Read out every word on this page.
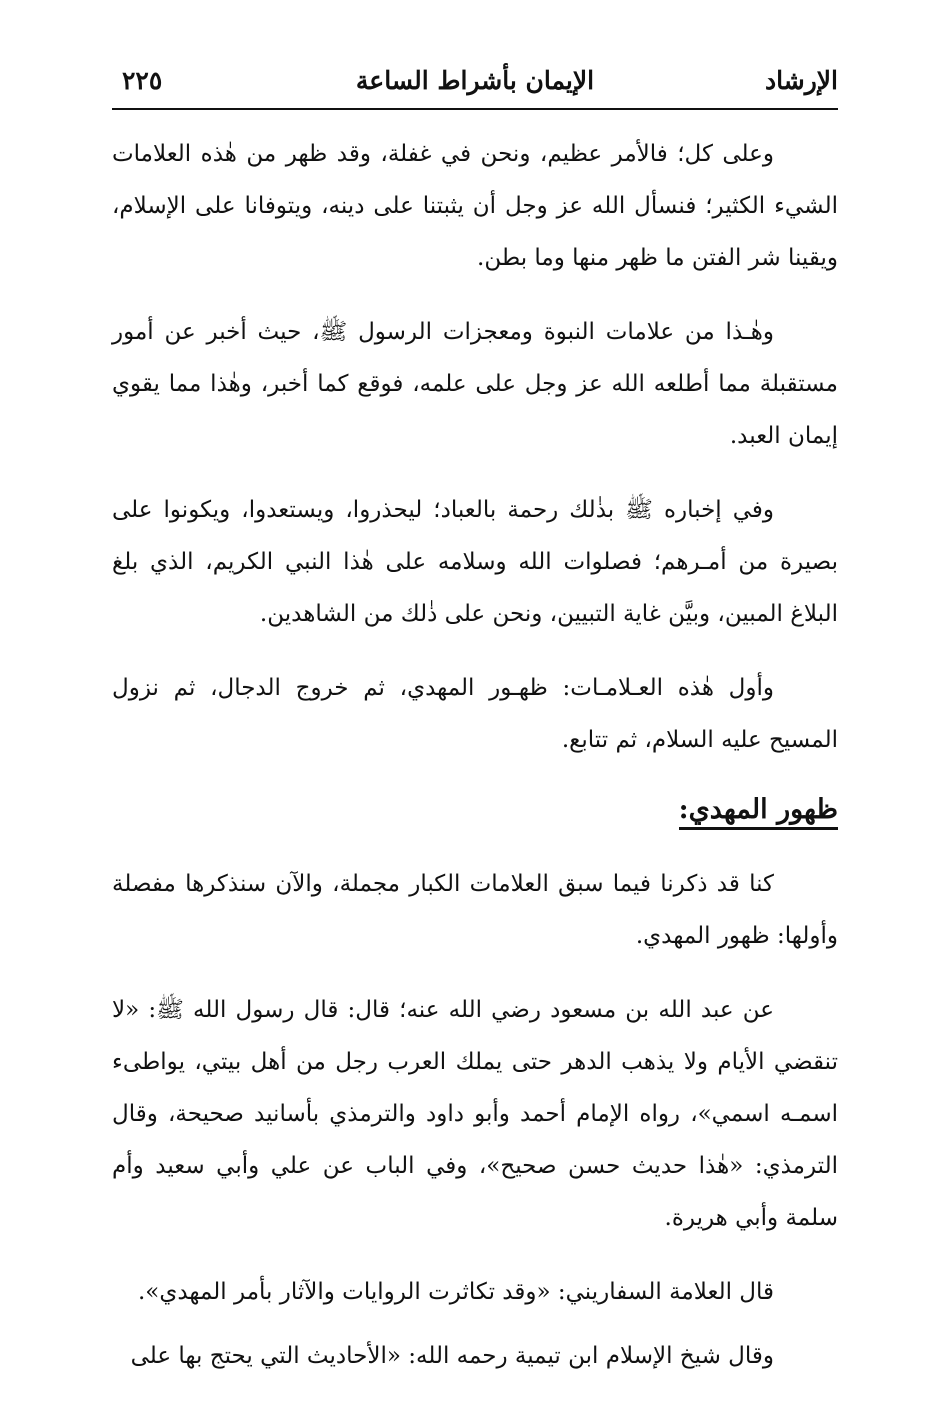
الإرشاد
الإيمان بأشراط الساعة
٢٢٥

وعلى كل؛ فالأمر عظيم، ونحن في غفلة، وقد ظهر من هٰذه العلامات الشيء الكثير؛ فنسأل الله عز وجل أن يثبتنا على دينه، ويتوفانا على الإسلام، ويقينا شر الفتن ما ظهر منها وما بطن.

وهٰـذا من علامات النبوة ومعجزات الرسول ﷺ، حيث أخبر عن أمور مستقبلة مما أطلعه الله عز وجل على علمه، فوقع كما أخبر، وهٰذا مما يقوي إيمان العبد.

وفي إخباره ﷺ بذٰلك رحمة بالعباد؛ ليحذروا، ويستعدوا، ويكونوا على بصيرة من أمـرهم؛ فصلوات الله وسلامه على هٰذا النبي الكريم، الذي بلغ البلاغ المبين، وبيَّن غاية التبيين، ونحن على ذٰلك من الشاهدين.

وأول هٰذه العـلامـات: ظهـور المهدي، ثم خروج الدجال، ثم نزول المسيح عليه السلام، ثم تتابع.

ظهور المهدي:

كنا قد ذكرنا فيما سبق العلامات الكبار مجملة، والآن سنذكرها مفصلة وأولها: ظهور المهدي.

عن عبد الله بن مسعود رضي الله عنه؛ قال: قال رسول الله ﷺ: «لا تنقضي الأيام ولا يذهب الدهر حتى يملك العرب رجل من أهل بيتي، يواطىء اسمـه اسمي»، رواه الإمام أحمد وأبو داود والترمذي بأسانيد صحيحة، وقال الترمذي: «هٰذا حديث حسن صحيح»، وفي الباب عن علي وأبي سعيد وأم سلمة وأبي هريرة.

قال العلامة السفاريني: «وقد تكاثرت الروايات والآثار بأمر المهدي».

وقال شيخ الإسلام ابن تيمية رحمه الله: «الأحاديث التي يحتج بها على
